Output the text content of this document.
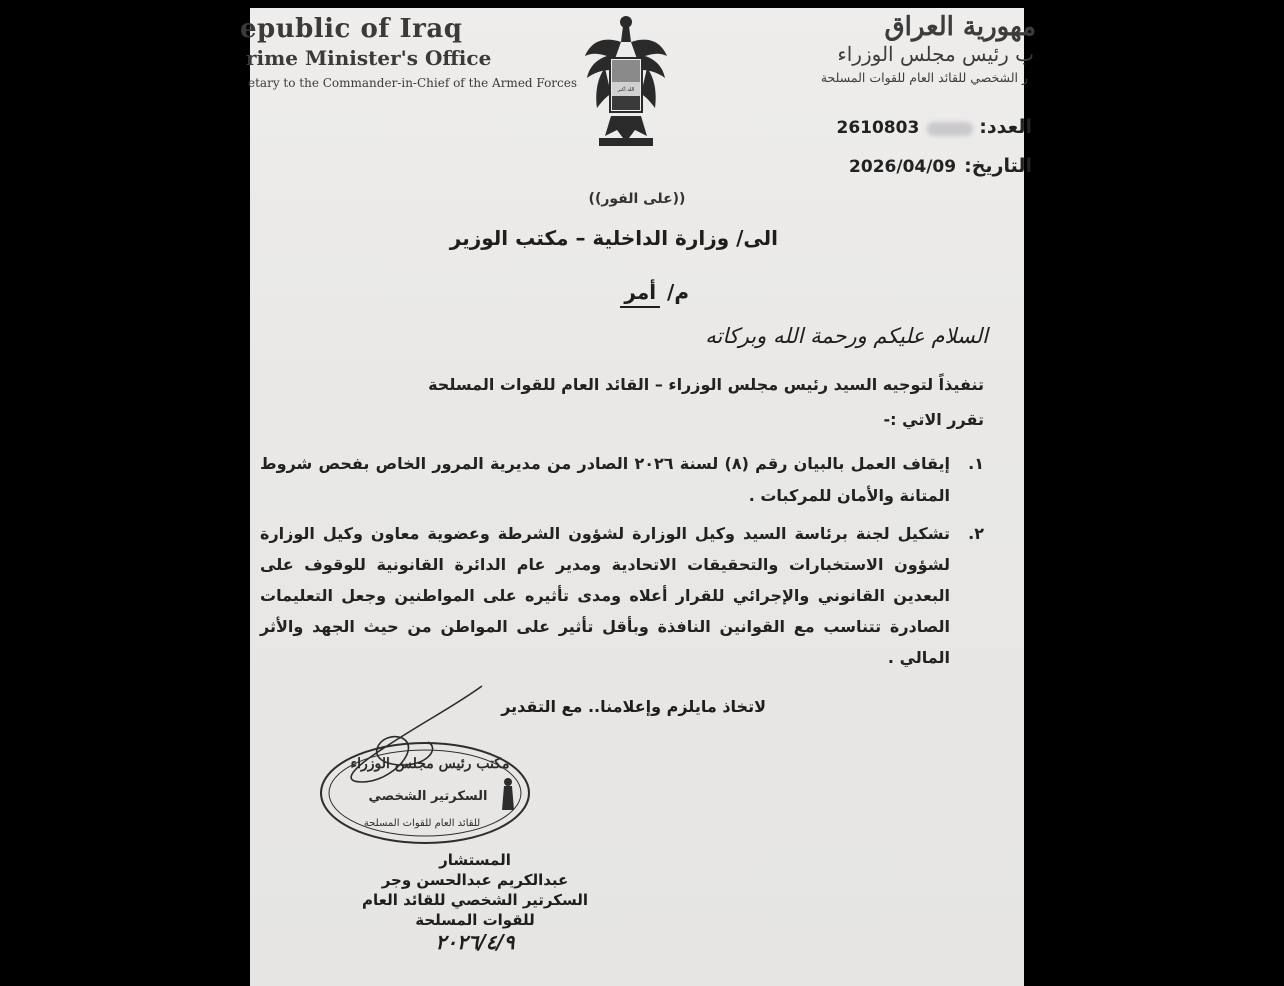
epublic of Iraq
rime Minister's Office
etary to the Commander-in-Chief of the Armed Forces	الله أكبر
مهورية العراق
ب رئيس مجلس الوزراء
ر الشخصي للقائد العام للقوات المسلحة
العدد:2610803
التاريخ:2026/04/09
((على الفور))
الى/ وزارة الداخلية – مكتب الوزير
م/ أمر
السلام عليكم ورحمة الله وبركاته
تنفيذاً لتوجيه السيد رئيس مجلس الوزراء – القائد العام للقوات المسلحة
تقرر الاتي :-
١.
إيقاف العمل بالبيان رقم (٨) لسنة ٢٠٢٦ الصادر من مديرية المرور الخاص بفحص شروط المتانة والأمان للمركبات .
٢.
تشكيل لجنة برئاسة السيد وكيل الوزارة لشؤون الشرطة وعضوية معاون وكيل الوزارة لشؤون الاستخبارات والتحقيقات الاتحادية ومدير عام الدائرة القانونية للوقوف على البعدين القانوني والإجرائي للقرار أعلاه ومدى تأثيره على المواطنين وجعل التعليمات الصادرة تتناسب مع القوانين النافذة وبأقل تأثير على المواطن من حيث الجهد والأثر المالي .
لاتخاذ مايلزم وإعلامنا.. مع التقدير
مكتب رئيس مجلس الوزراء
السكرتير الشخصي
للقائد العام للقوات المسلحة
المستشار
عبدالكريم عبدالحسن وجر
السكرتير الشخصي للقائد العام
للقوات المسلحة
٢٠٢٦/٤/٩
